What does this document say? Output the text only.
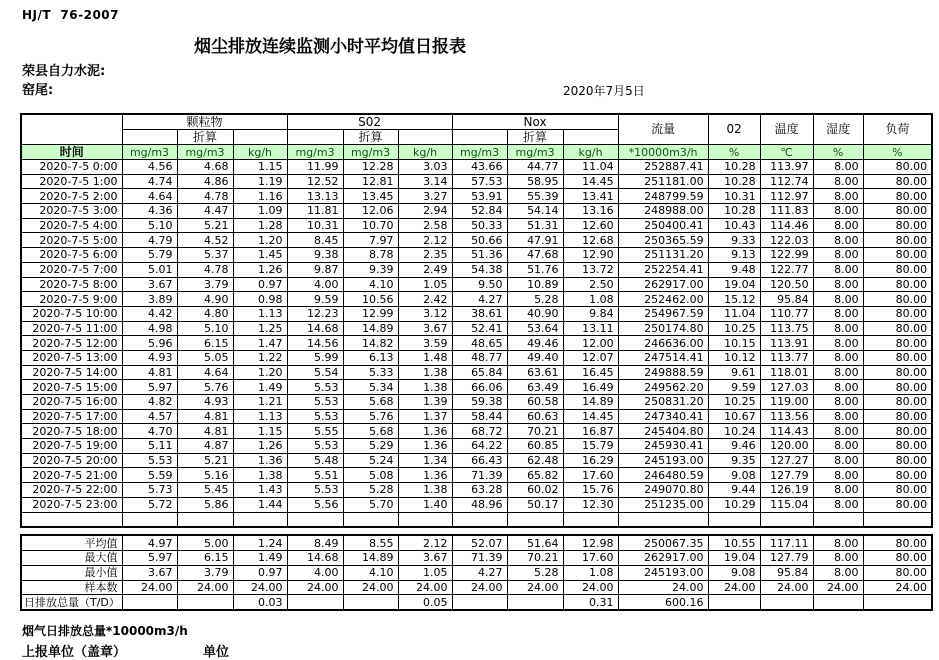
HJ/T  76-2007
烟尘排放连续监测小时平均值日报表
荣县自力水泥:
窑尾:	2020年7月5日
	颗粒物			S02			Nox			流量	02	温度	湿度	负荷
		折算			折算			折算						
时间	mg/m3	mg/m3	kg/h	mg/m3	mg/m3	kg/h	mg/m3	mg/m3	kg/h	*10000m3/h	%	℃	%	%
2020-7-5 0:00	4.56	4.68	1.15	11.99	12.28	3.03	43.66	44.77	11.04	252887.41	10.28	113.97	8.00	80.00
2020-7-5 1:00	4.74	4.86	1.19	12.52	12.81	3.14	57.53	58.95	14.45	251181.00	10.28	112.74	8.00	80.00
2020-7-5 2:00	4.64	4.78	1.16	13.13	13.45	3.27	53.91	55.39	13.41	248799.59	10.31	112.97	8.00	80.00
2020-7-5 3:00	4.36	4.47	1.09	11.81	12.06	2.94	52.84	54.14	13.16	248988.00	10.28	111.83	8.00	80.00
2020-7-5 4:00	5.10	5.21	1.28	10.31	10.70	2.58	50.33	51.31	12.60	250400.41	10.43	114.46	8.00	80.00
2020-7-5 5:00	4.79	4.52	1.20	8.45	7.97	2.12	50.66	47.91	12.68	250365.59	9.33	122.03	8.00	80.00
2020-7-5 6:00	5.79	5.37	1.45	9.38	8.78	2.35	51.36	47.68	12.90	251131.20	9.13	122.99	8.00	80.00
2020-7-5 7:00	5.01	4.78	1.26	9.87	9.39	2.49	54.38	51.76	13.72	252254.41	9.48	122.77	8.00	80.00
2020-7-5 8:00	3.67	3.79	0.97	4.00	4.10	1.05	9.50	10.89	2.50	262917.00	19.04	120.50	8.00	80.00
2020-7-5 9:00	3.89	4.90	0.98	9.59	10.56	2.42	4.27	5.28	1.08	252462.00	15.12	95.84	8.00	80.00
2020-7-5 10:00	4.42	4.80	1.13	12.23	12.99	3.12	38.61	40.90	9.84	254967.59	11.04	110.77	8.00	80.00
2020-7-5 11:00	4.98	5.10	1.25	14.68	14.89	3.67	52.41	53.64	13.11	250174.80	10.25	113.75	8.00	80.00
2020-7-5 12:00	5.96	6.15	1.47	14.56	14.82	3.59	48.65	49.46	12.00	246636.00	10.15	113.91	8.00	80.00
2020-7-5 13:00	4.93	5.05	1.22	5.99	6.13	1.48	48.77	49.40	12.07	247514.41	10.12	113.77	8.00	80.00
2020-7-5 14:00	4.81	4.64	1.20	5.54	5.33	1.38	65.84	63.61	16.45	249888.59	9.61	118.01	8.00	80.00
2020-7-5 15:00	5.97	5.76	1.49	5.53	5.34	1.38	66.06	63.49	16.49	249562.20	9.59	127.03	8.00	80.00
2020-7-5 16:00	4.82	4.93	1.21	5.53	5.68	1.39	59.38	60.58	14.89	250831.20	10.25	119.00	8.00	80.00
2020-7-5 17:00	4.57	4.81	1.13	5.53	5.76	1.37	58.44	60.63	14.45	247340.41	10.67	113.56	8.00	80.00
2020-7-5 18:00	4.70	4.81	1.15	5.55	5.68	1.36	68.72	70.21	16.87	245404.80	10.24	114.43	8.00	80.00
2020-7-5 19:00	5.11	4.87	1.26	5.53	5.29	1.36	64.22	60.85	15.79	245930.41	9.46	120.00	8.00	80.00
2020-7-5 20:00	5.53	5.21	1.36	5.48	5.24	1.34	66.43	62.48	16.29	245193.00	9.35	127.27	8.00	80.00
2020-7-5 21:00	5.59	5.16	1.38	5.51	5.08	1.36	71.39	65.82	17.60	246480.59	9.08	127.79	8.00	80.00
2020-7-5 22:00	5.73	5.45	1.43	5.53	5.28	1.38	63.28	60.02	15.76	249070.80	9.44	126.19	8.00	80.00
2020-7-5 23:00	5.72	5.86	1.44	5.56	5.70	1.40	48.96	50.17	12.30	251235.00	10.29	115.04	8.00	80.00

平均值	4.97	5.00	1.24	8.49	8.55	2.12	52.07	51.64	12.98	250067.35	10.55	117.11	8.00	80.00
最大值	5.97	6.15	1.49	14.68	14.89	3.67	71.39	70.21	17.60	262917.00	19.04	127.79	8.00	80.00
最小值	3.67	3.79	0.97	4.00	4.10	1.05	4.27	5.28	1.08	245193.00	9.08	95.84	8.00	80.00
样本数	24.00	24.00	24.00	24.00	24.00	24.00	24.00	24.00	24.00	24.00	24.00	24.00	24.00	24.00
日排放总量（T/D）			0.03			0.05			0.31	600.16				
烟气日排放总量*10000m3/h
上报单位（盖章）	单位
